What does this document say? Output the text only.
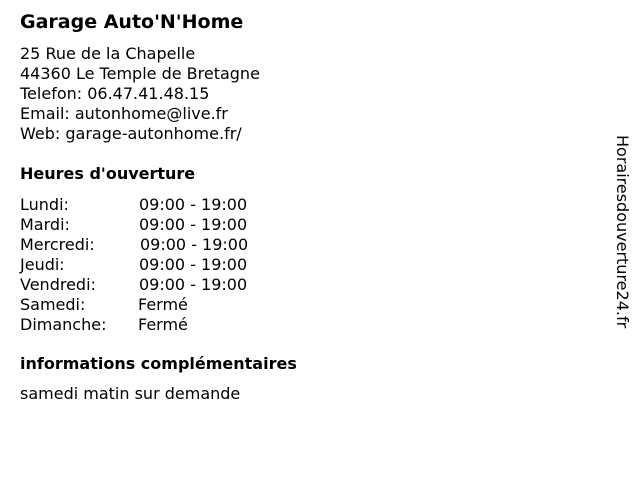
Garage Auto'N'Home
25 Rue de la Chapelle
44360 Le Temple de Bretagne
Telefon: 06.47.41.48.15
Email: autonhome@live.fr
Web: garage-autonhome.fr/
Heures d'ouverture
Lundi:	09:00 - 19:00
Mardi:	09:00 - 19:00
Mercredi:	09:00 - 19:00
Jeudi:	09:00 - 19:00
Vendredi:	09:00 - 19:00
Samedi:	Fermé
Dimanche: Fermé
informations complémentaires
samedi matin sur demande
Horairesdouverture24.fr
